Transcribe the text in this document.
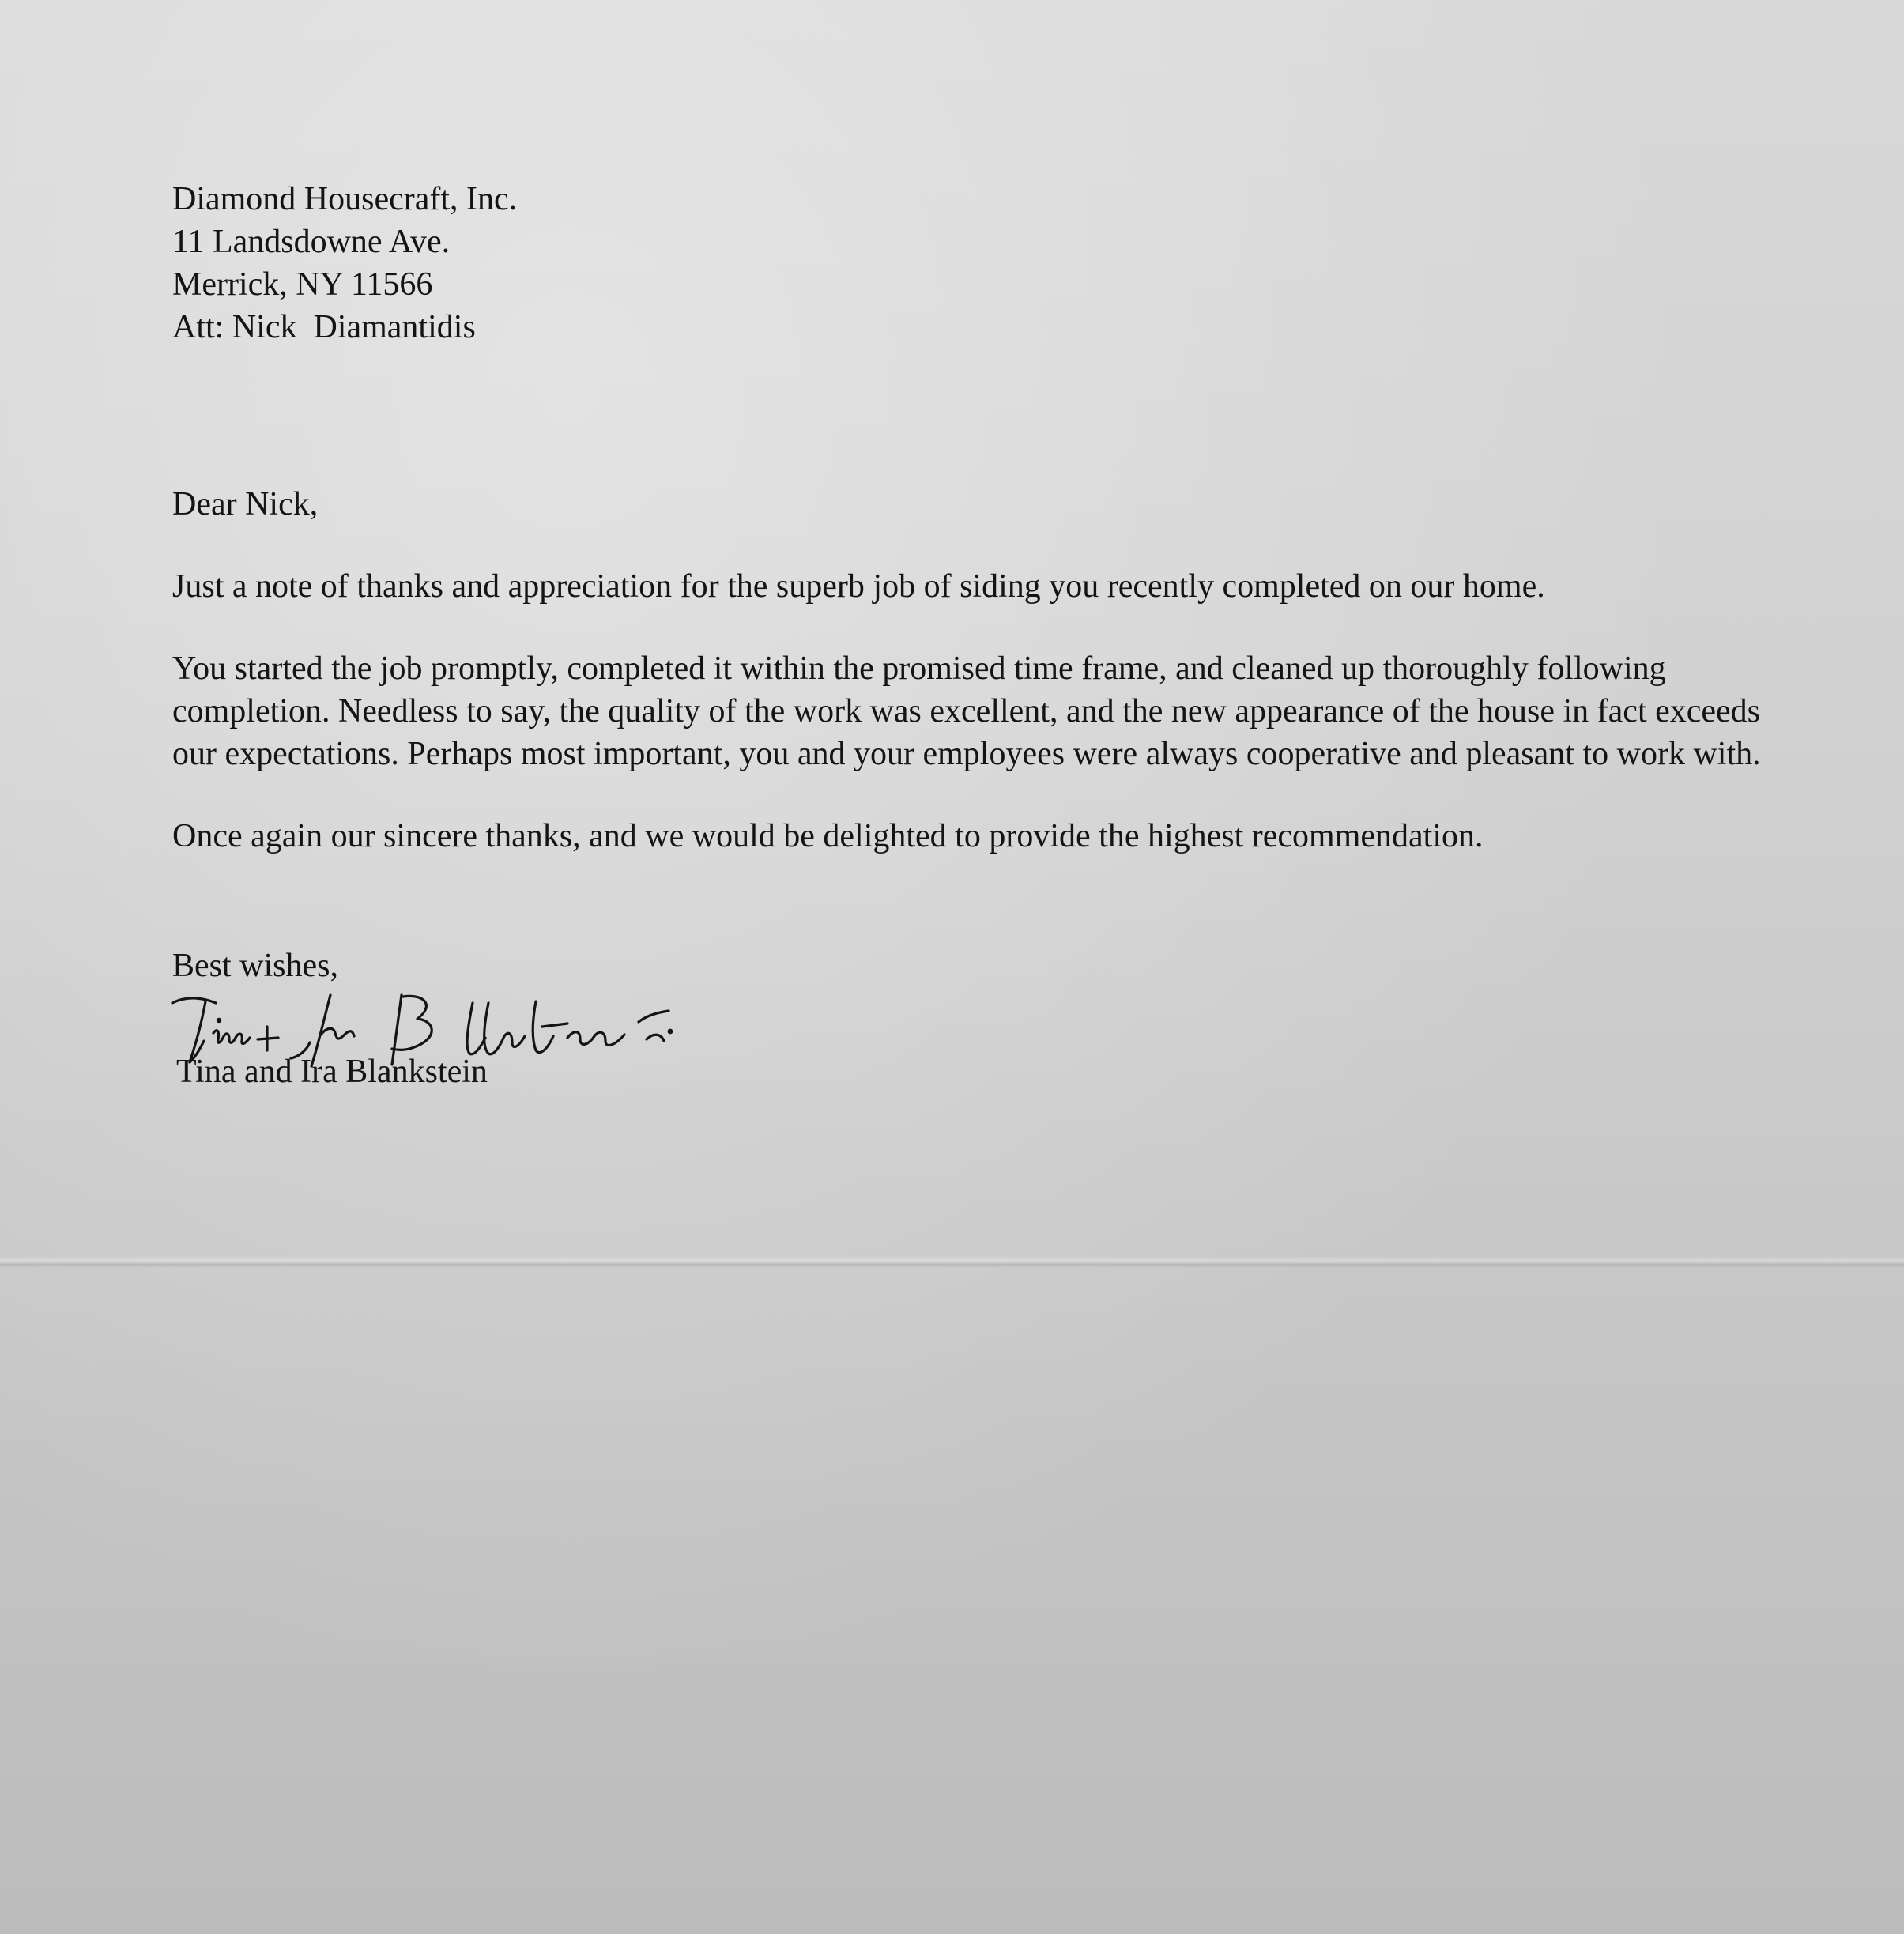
Diamond Housecraft, Inc.
11 Landsdowne Ave.
Merrick, NY 11566
Att: Nick  Diamantidis

Dear Nick,

Just a note of thanks and appreciation for the superb job of siding you recently completed on our home.

You started the job promptly, completed it within the promised time frame, and cleaned up thoroughly following completion. Needless to say, the quality of the work was excellent, and the new appearance of the house in fact exceeds our expectations. Perhaps most important, you and your employees were always cooperative and pleasant to work with.

Once again our sincere thanks, and we would be delighted to provide the highest recommendation.

Best wishes,

Tina and Ira Blankstein
